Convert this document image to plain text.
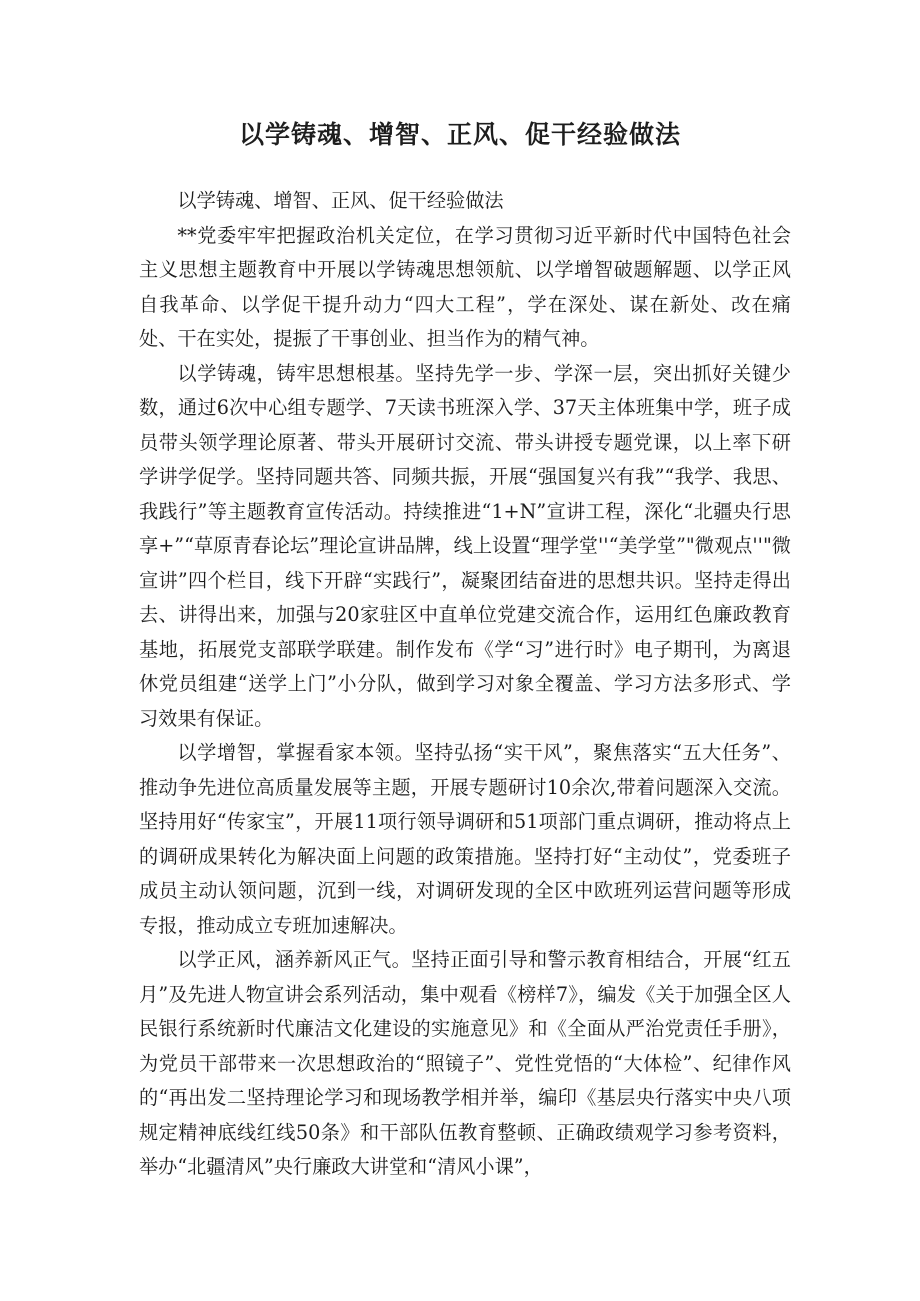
以学铸魂、增智、正风、促干经验做法

以学铸魂、增智、正风、促干经验做法

**党委牢牢把握政治机关定位，在学习贯彻习近平新时代中国特色社会主义思想主题教育中开展以学铸魂思想领航、以学增智破题解题、以学正风自我革命、以学促干提升动力“四大工程”，学在深处、谋在新处、改在痛处、干在实处，提振了干事创业、担当作为的精气神。

以学铸魂，铸牢思想根基。坚持先学一步、学深一层，突出抓好关键少数，通过6次中心组专题学、7天读书班深入学、37天主体班集中学，班子成员带头领学理论原著、带头开展研讨交流、带头讲授专题党课，以上率下研学讲学促学。坚持同题共答、同频共振，开展“强国复兴有我”“我学、我思、我践行”等主题教育宣传活动。持续推进“1+N”宣讲工程，深化“北疆央行思享+”“草原青春论坛”理论宣讲品牌，线上设置“理学堂''“美学堂”"微观点''"微宣讲”四个栏目，线下开辟“实践行”，凝聚团结奋进的思想共识。坚持走得出去、讲得出来，加强与20家驻区中直单位党建交流合作，运用红色廉政教育基地，拓展党支部联学联建。制作发布《学“习”进行时》电子期刊，为离退休党员组建“送学上门”小分队，做到学习对象全覆盖、学习方法多形式、学习效果有保证。

以学增智，掌握看家本领。坚持弘扬“实干风”，聚焦落实“五大任务”、推动争先进位高质量发展等主题，开展专题研讨10余次,带着问题深入交流。坚持用好“传家宝”，开展11项行领导调研和51项部门重点调研，推动将点上的调研成果转化为解决面上问题的政策措施。坚持打好“主动仗”，党委班子成员主动认领问题，沉到一线，对调研发现的全区中欧班列运营问题等形成专报，推动成立专班加速解决。

以学正风，涵养新风正气。坚持正面引导和警示教育相结合，开展“红五月”及先进人物宣讲会系列活动，集中观看《榜样7》，编发《关于加强全区人民银行系统新时代廉洁文化建设的实施意见》和《全面从严治党责任手册》，为党员干部带来一次思想政治的“照镜子”、党性党悟的“大体检”、纪律作风的“再出发二坚持理论学习和现场教学相并举，编印《基层央行落实中央八项规定精神底线红线50条》和干部队伍教育整顿、正确政绩观学习参考资料，举办“北疆清风”央行廉政大讲堂和“清风小课”，
